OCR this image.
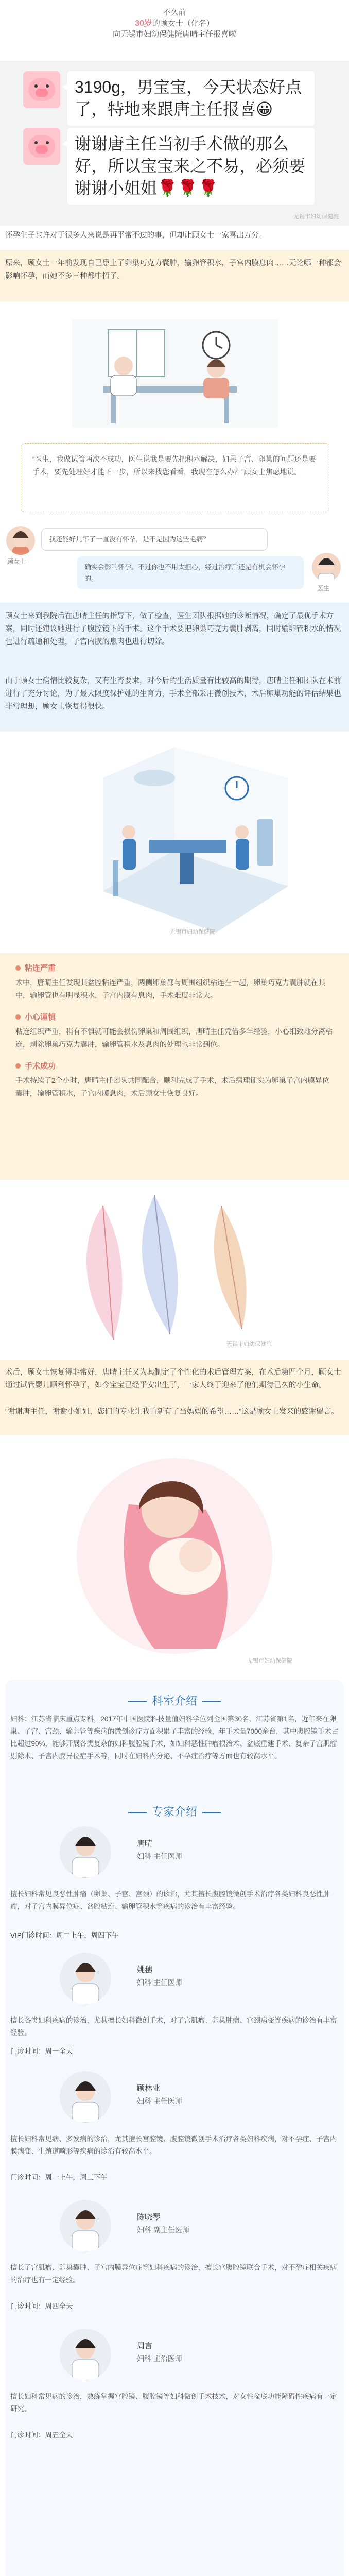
不久前
30岁的顾女士（化名）
向无锡市妇幼保健院唐晴主任报喜啦
3190g，男宝宝，今天状态好点了，特地来跟唐主任报喜😀
谢谢唐主任当初手术做的那么好，所以宝宝来之不易，必须要谢谢小姐姐🌹🌹🌹
无锡市妇幼保健院
怀孕生子也许对于很多人来说是再平常不过的事，但却让顾女士一家喜出万分。
原来，顾女士一年前发现自己患上了卵巢巧克力囊肿，输卵管积水，子宫内膜息肉……无论哪一种都会影响怀孕，而她不多三种都中招了。
“医生，我做试管两次不成功，医生说我是要先把积水解决，如果子宫、卵巢的问题还是要手术，要先处理好才能下一步，所以来找您看看，我现在怎么办？”顾女士焦虑地说。
顾女士
我还能好几年了一直没有怀孕，是不是因为这些毛病？
确实会影响怀孕。不过你也不用太担心，经过治疗后还是有机会怀孕的。
医生
顾女士来到我院后在唐晴主任的指导下，做了检查，医生团队根据她的诊断情况，确定了最优手术方案，同时还建议她进行了腹腔镜下的手术。这个手术要把卵巢巧克力囊肿剥离，同时输卵管积水的情况也进行疏通和处理，子宫内膜的息肉也进行切除。
由于顾女士病情比较复杂，又有生育要求，对今后的生活质量有比较高的期待，唐晴主任和团队在术前进行了充分讨论，为了最大限度保护她的生育力，手术全部采用微创技术，术后卵巢功能的评估结果也非常理想，顾女士恢复得很快。
无锡市妇幼保健院
粘连严重
术中，唐晴主任发现其盆腔粘连严重，两侧卵巢都与周围组织粘连在一起，卵巢巧克力囊肿就在其中，输卵管也有明显积水，子宫内膜有息肉，手术难度非常大。
小心谨慎
粘连组织严重，稍有不慎就可能会损伤卵巢和周围组织，唐晴主任凭借多年经验，小心细致地分离粘连，剥除卵巢巧克力囊肿，输卵管积水及息肉的处理也非常到位。
手术成功
手术持续了2个小时，唐晴主任团队共同配合，顺利完成了手术，术后病理证实为卵巢子宫内膜异位囊肿，输卵管积水，子宫内膜息肉，术后顾女士恢复良好。
无锡市妇幼保健院
术后，顾女士恢复得非常好，唐晴主任又为其制定了个性化的术后管理方案，在术后第四个月，顾女士通过试管婴儿顺利怀孕了，如今宝宝已经平安出生了，一家人终于迎来了他们期待已久的小生命。
“谢谢唐主任，谢谢小姐姐，您们的专业让我重新有了当妈妈的希望……”这是顾女士发来的感谢留言。
无锡市妇幼保健院
科室介绍
妇科：江苏省临床重点专科，2017年中国医院科技量值妇科学位列全国第30名，江苏省第1名，近年来在卵巢、子宫、宫颈、输卵管等疾病的微创诊疗方面积累了丰富的经验，年手术量7000余台，其中腹腔镜手术占比超过90%，能够开展各类复杂的妇科腹腔镜手术，如妇科恶性肿瘤根治术、盆底重建手术、复杂子宫肌瘤剔除术、子宫内膜异位症手术等，同时在妇科内分泌、不孕症治疗等方面也有较高水平。
专家介绍
唐晴
妇科 主任医师
擅长妇科常见良恶性肿瘤（卵巢、子宫、宫颈）的诊治，尤其擅长腹腔镜微创手术治疗各类妇科良恶性肿瘤，对子宫内膜异位症、盆腔粘连、输卵管积水等疾病的诊治有丰富经验。
VIP门诊时间：周二上午，周四下午
姚穗
妇科 主任医师
擅长各类妇科疾病的诊治，尤其擅长妇科微创手术，对子宫肌瘤、卵巢肿瘤、宫颈病变等疾病的诊治有丰富经验。
门诊时间：周一全天
顾林业
妇科 主任医师
擅长妇科常见病、多发病的诊治，尤其擅长宫腔镜、腹腔镜微创手术治疗各类妇科疾病，对不孕症、子宫内膜病变、生殖道畸形等疾病的诊治有较高水平。
门诊时间：周一上午，周三下午
陈晓琴
妇科 副主任医师
擅长子宫肌瘤、卵巢囊肿、子宫内膜异位症等妇科疾病的诊治，擅长宫腹腔镜联合手术，对不孕症相关疾病的治疗也有一定经验。
门诊时间：周四全天
周言
妇科 主治医师
擅长妇科常见病的诊治，熟练掌握宫腔镜、腹腔镜等妇科微创手术技术，对女性盆底功能障碍性疾病有一定研究。
门诊时间：周五全天
